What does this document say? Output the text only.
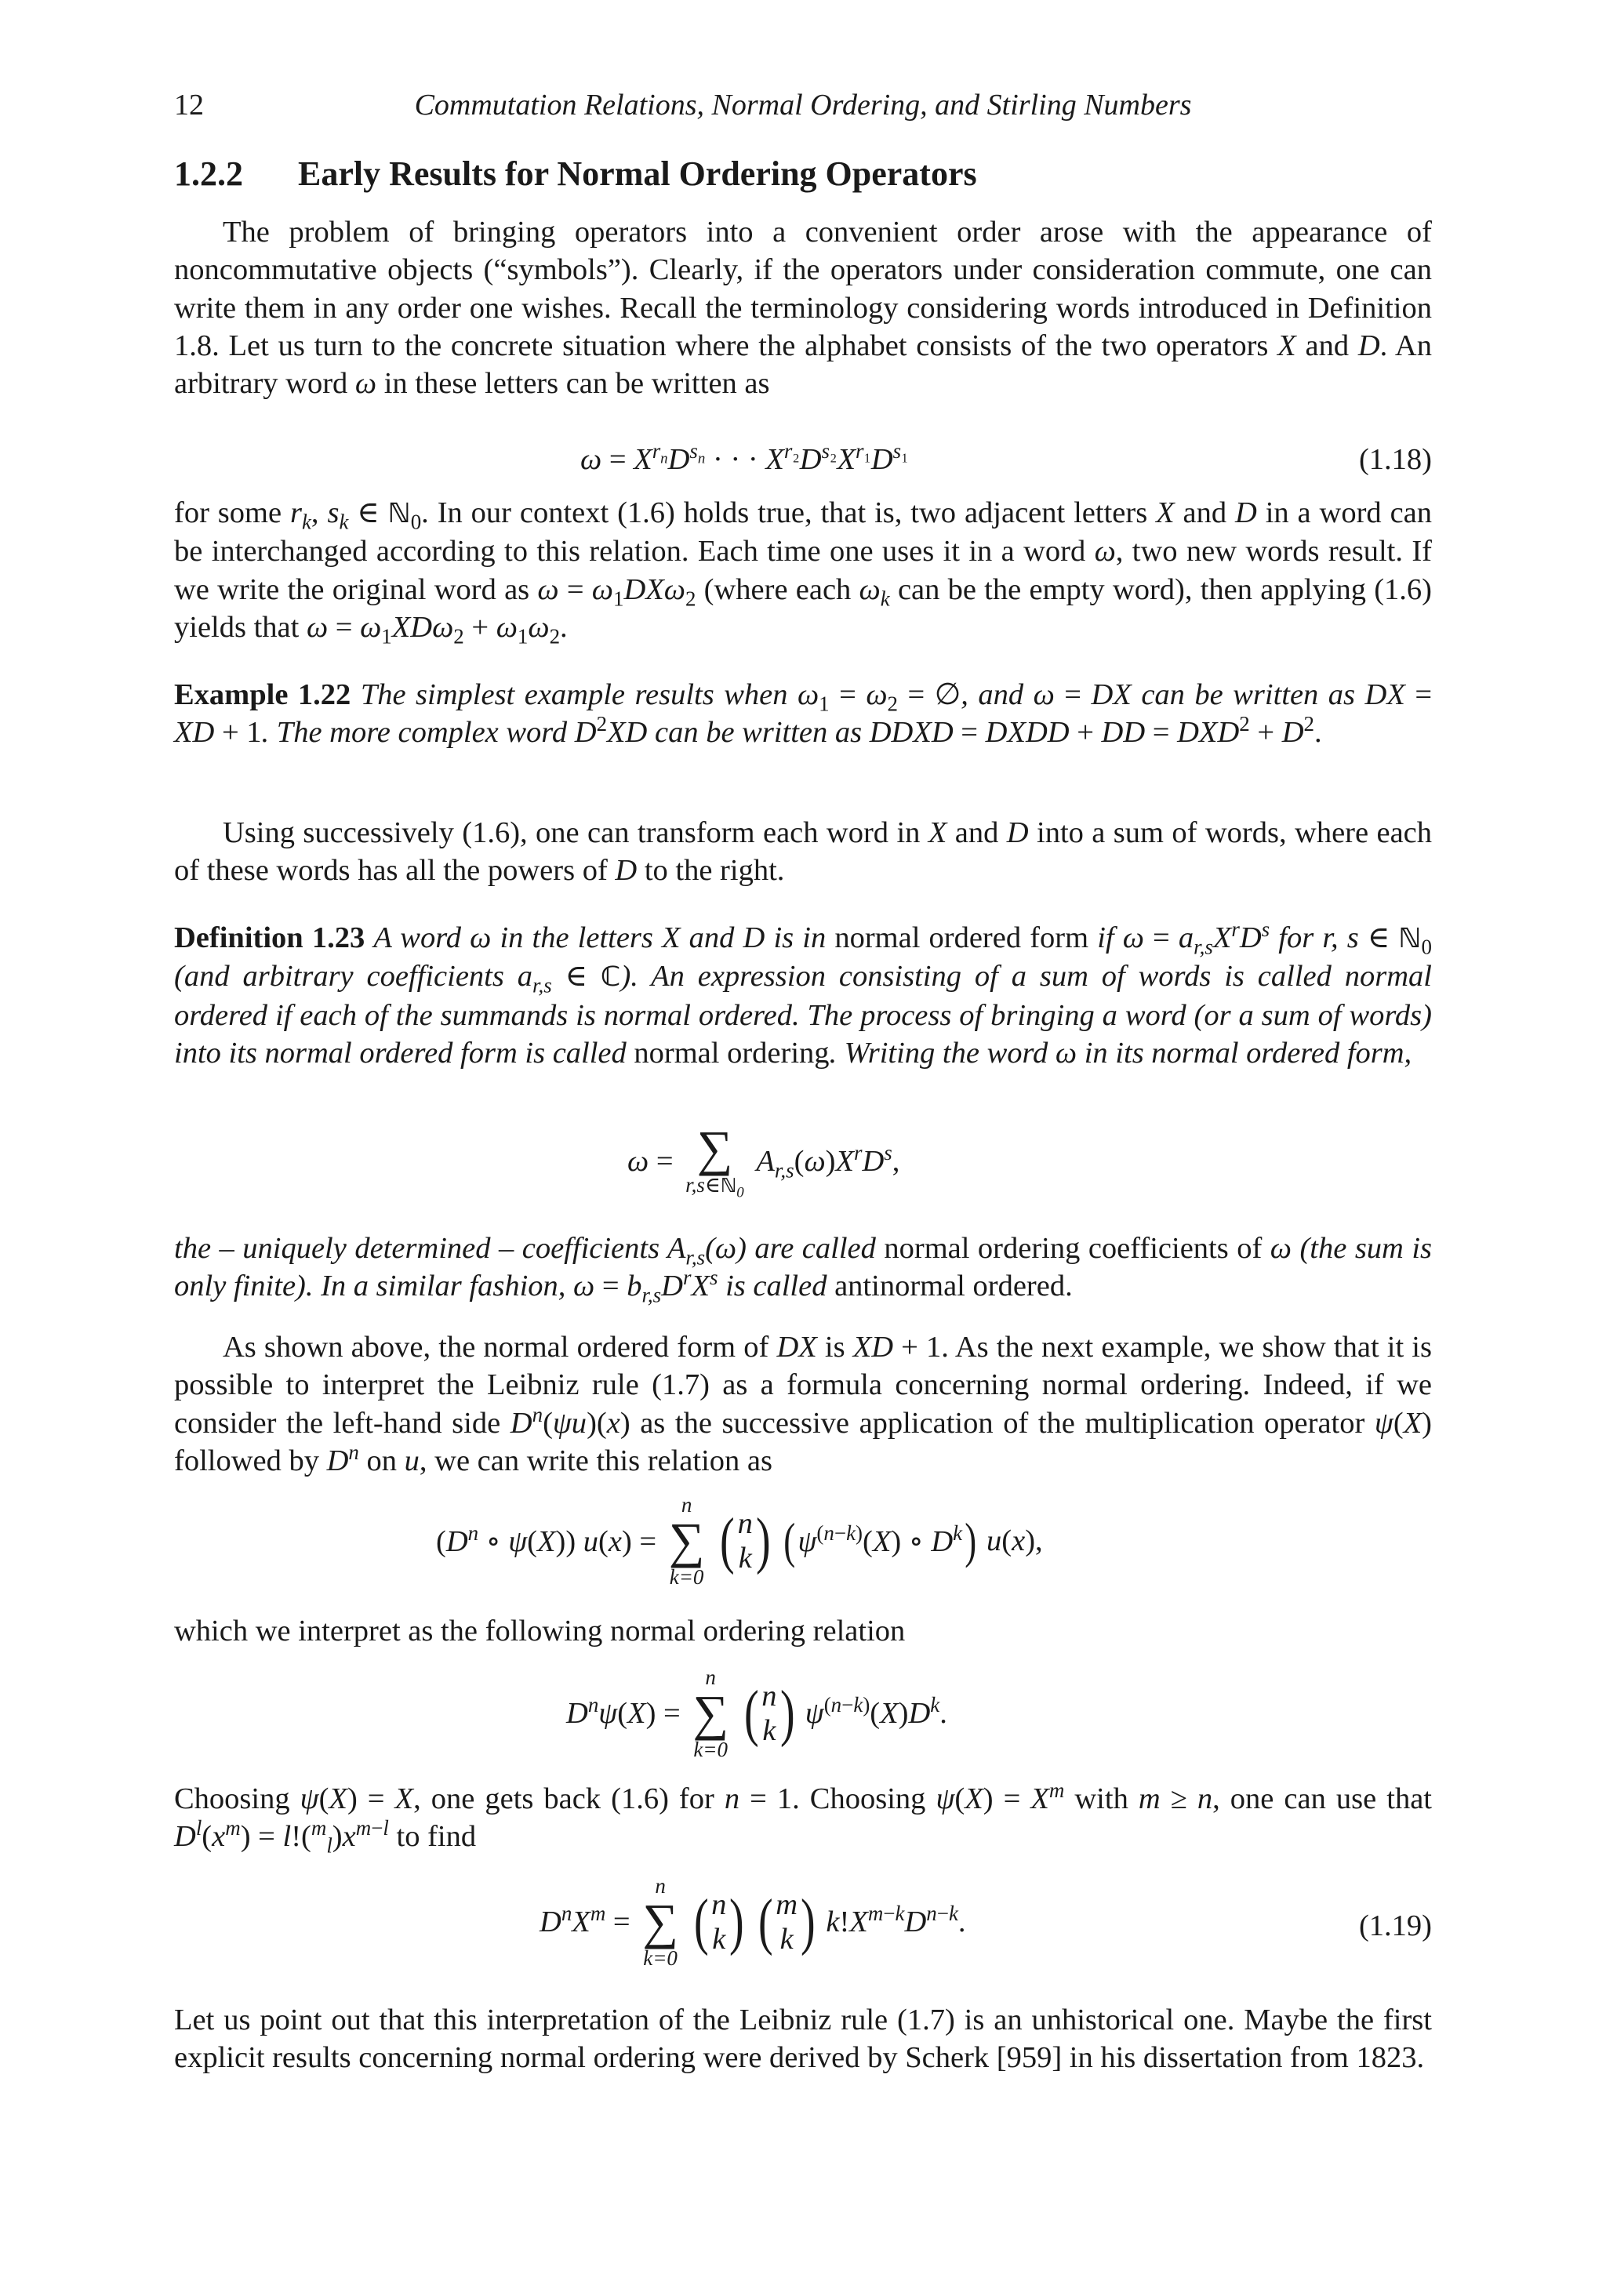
12	Commutation Relations, Normal Ordering, and Stirling Numbers
1.2.2 Early Results for Normal Ordering Operators
The problem of bringing operators into a convenient order arose with the appearance of noncommutative objects (“symbols”). Clearly, if the operators under consideration commute, one can write them in any order one wishes. Recall the terminology considering words introduced in Definition 1.8. Let us turn to the concrete situation where the alphabet consists of the two operators X and D. An arbitrary word ω in these letters can be written as
$\omega = X^{r_n}D^{s_n}$ · · · $X^{r_2}D^{s_2}X^{r_1}D^{s_1}$	(1.18)
for some $r_k$, $s_k$ ∈ ℕ$_0$. In our context (1.6) holds true, that is, two adjacent letters X and D in a word can be interchanged according to this relation. Each time one uses it in a word ω, two new words result. If we write the original word as $\omega = \omega_1DX\omega_2$ (where each $\omega_k$ can be the empty word), then applying (1.6) yields that $\omega = \omega_1XD\omega_2 + \omega_1\omega_2$.
Example 1.22 The simplest example results when $\omega_1 = \omega_2$ = ∅, and ω = DX can be written as DX = XD + 1. The more complex word $D^2XD$ can be written as DDXD = DXDD + DD = $DXD^2 + D^2$.
Using successively (1.6), one can transform each word in X and D into a sum of words, where each of these words has all the powers of D to the right.
Definition 1.23 A word ω in the letters X and D is in normal ordered form if $\omega = a_{r,s}X^rD^s$ for r, s ∈ ℕ$_0$ (and arbitrary coefficients $a_{r,s}$ ∈ ℂ). An expression consisting of a sum of words is called normal ordered if each of the summands is normal ordered. The process of bringing a word (or a sum of words) into its normal ordered form is called normal ordering. Writing the word ω in its normal ordered form,
ω = ∑
r,s∈ℕ$_0$
$A_{r,s}(\omega)X^rD^s$,
the – uniquely determined – coefficients $A_{r,s}(\omega)$ are called normal ordering coefficients of ω (the sum is only finite). In a similar fashion, $\omega = b_{r,s}D^rX^s$ is called antinormal ordered.
As shown above, the normal ordered form of DX is XD + 1. As the next example, we show that it is possible to interpret the Leibniz rule (1.7) as a formula concerning normal ordering. Indeed, if we consider the left-hand side $D^n(\psi u)(x)$ as the successive application of the multiplication operator ψ(X) followed by $D^n$ on u, we can write this relation as
($D^n$ ∘ ψ(X)) u(x) =
n
∑
k=0
( n
k) ($\psi^{(n-k)}(X)$ ∘ $D^k$) u(x),
which we interpret as the following normal ordering relation
$D^n\psi(X)$ =
n
∑
k=0
( n
k) $\psi^{(n-k)}(X)D^k$.
Choosing ψ(X) = X, one gets back (1.6) for n = 1. Choosing $\psi(X) = X^m$ with m ≥ n, one can use that $D^l(x^m) = l!(^m_l)x^{m-l}$ to find
$D^nX^m$ =
n
∑
k=0
( n
k) ( m
k ) $k!X^{m-k}D^{n-k}$.	(1.19)
Let us point out that this interpretation of the Leibniz rule (1.7) is an unhistorical one. Maybe the first explicit results concerning normal ordering were derived by Scherk [959] in his dissertation from 1823.
